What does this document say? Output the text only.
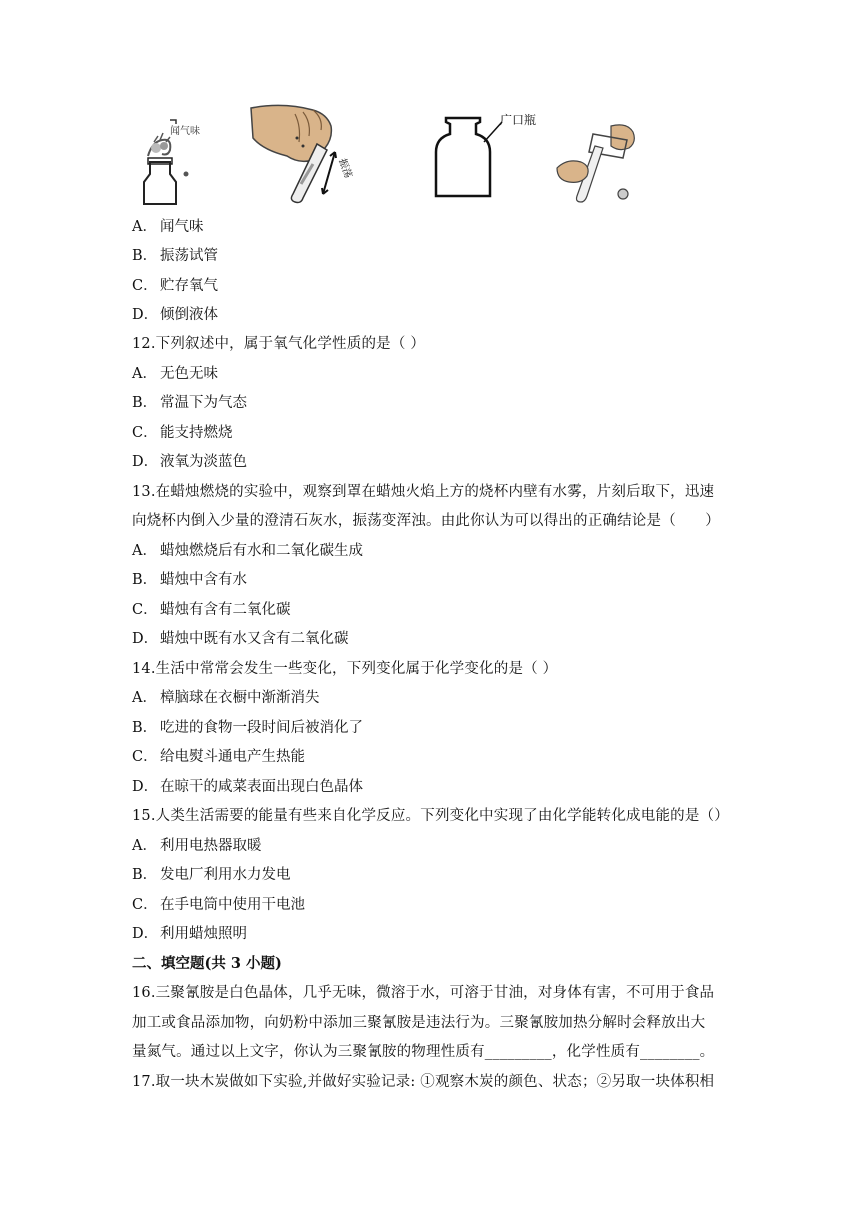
闻气味
振荡
广口瓶
A． 闻气味
B． 振荡试管
C． 贮存氧气
D． 倾倒液体
12.下列叙述中，属于氧气化学性质的是（ ）
A． 无色无味
B． 常温下为气态
C． 能支持燃烧
D． 液氧为淡蓝色
13.在蜡烛燃烧的实验中，观察到罩在蜡烛火焰上方的烧杯内壁有水雾，片刻后取下，迅速
向烧杯内倒入少量的澄清石灰水，振荡变浑浊。由此你认为可以得出的正确结论是（　　）
A． 蜡烛燃烧后有水和二氧化碳生成
B． 蜡烛中含有水
C． 蜡烛有含有二氧化碳
D． 蜡烛中既有水又含有二氧化碳
14.生活中常常会发生一些变化，下列变化属于化学变化的是（ ）
A． 樟脑球在衣橱中渐渐消失
B． 吃进的食物一段时间后被消化了
C． 给电熨斗通电产生热能
D． 在晾干的咸菜表面出现白色晶体
15.人类生活需要的能量有些来自化学反应。下列变化中实现了由化学能转化成电能的是（）
A． 利用电热器取暖
B． 发电厂利用水力发电
C． 在手电筒中使用干电池
D． 利用蜡烛照明
二、填空题(共 3 小题)
16.三聚氰胺是白色晶体，几乎无味，微溶于水，可溶于甘油，对身体有害，不可用于食品
加工或食品添加物，向奶粉中添加三聚氰胺是违法行为。三聚氰胺加热分解时会释放出大
量氮气。通过以上文字，你认为三聚氰胺的物理性质有_________，化学性质有________。
17.取一块木炭做如下实验,并做好实验记录: ①观察木炭的颜色、状态；②另取一块体积相
